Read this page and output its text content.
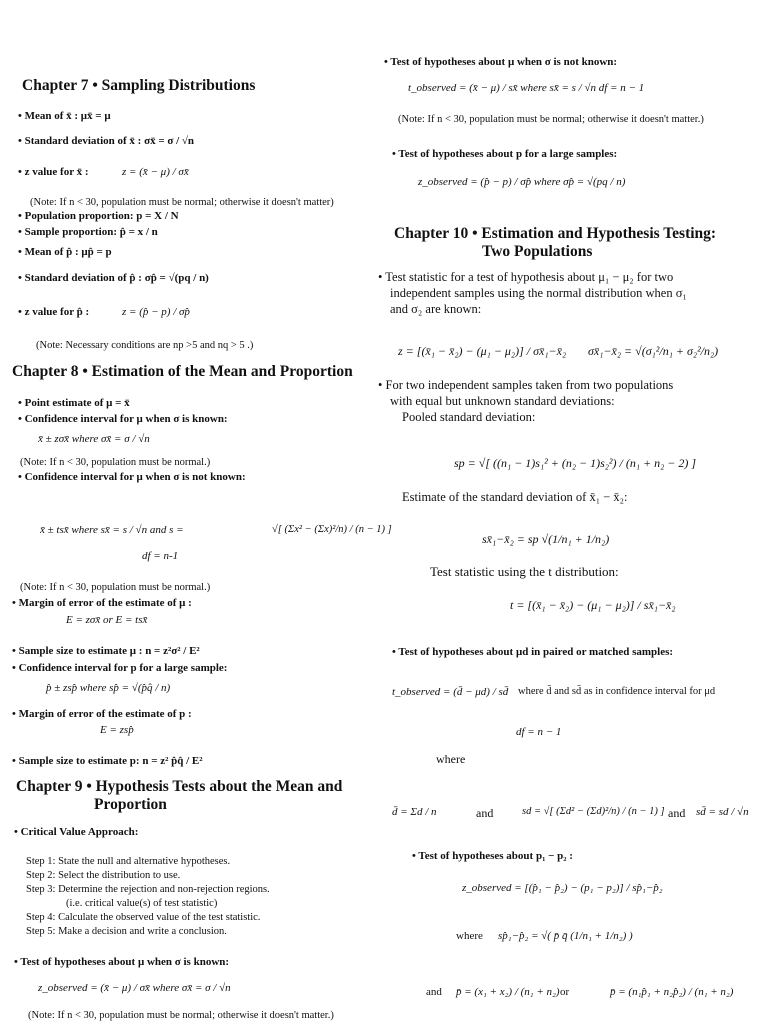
Chapter 7 • Sampling Distributions
• Mean of x̄ : μx̄ = μ
• Standard deviation of x̄ : σx̄ = σ / √n
• z value for x̄ :	z = (x̄ − μ) / σx̄
(Note: If n < 30, population must be normal; otherwise it doesn't matter)
• Population proportion: p = X / N
• Sample proportion: p̂ = x / n
• Mean of p̂ : μp̂ = p
• Standard deviation of p̂ : σp̂ = √(pq / n)
• z value for p̂ :	z = (p̂ − p) / σp̂
(Note: Necessary conditions are np >5 and nq > 5 .)
Chapter 8 • Estimation of the Mean and Proportion
• Point estimate of μ = x̄
• Confidence interval for μ when σ is known:
x̄ ± zσx̄ where σx̄ = σ / √n
(Note: If n < 30, population must be normal.)
• Confidence interval for μ when σ is not known:
x̄ ± tsx̄ where sx̄ = s / √n and s =	√[ (Σx² − (Σx)²/n) / (n − 1) ]
df = n-1
(Note: If n < 30, population must be normal.)
• Margin of error of the estimate of μ :
E = zσx̄ or E = tsx̄
• Sample size to estimate μ : n = z²σ² / E²
• Confidence interval for p for a large sample:
p̂ ± zsp̂ where sp̂ = √(p̂q̂ / n)
• Margin of error of the estimate of p :
E = zsp̂
• Sample size to estimate p: n = z² p̂q̂ / E²
Chapter 9 • Hypothesis Tests about the Mean and
Proportion
• Critical Value Approach:
Step 1: State the null and alternative hypotheses.
Step 2: Select the distribution to use.
Step 3: Determine the rejection and non-rejection regions.
(i.e. critical value(s) of test statistic)
Step 4: Calculate the observed value of the test statistic.
Step 5: Make a decision and write a conclusion.
• Test of hypotheses about μ when σ is known:
z_observed = (x̄ − μ) / σx̄ where σx̄ = σ / √n
(Note: If n < 30, population must be normal; otherwise it doesn't matter.)
• Test of hypotheses about μ when σ is not known:
t_observed = (x̄ − μ) / sx̄ where sx̄ = s / √n df = n − 1
(Note: If n < 30, population must be normal; otherwise it doesn't matter.)
• Test of hypotheses about p for a large samples:
z_observed = (p̂ − p) / σp̂ where σp̂ = √(pq / n)
Chapter 10 • Estimation and Hypothesis Testing:
Two Populations
• Test statistic for a test of hypothesis about μ₁ − μ₂ for two
independent samples using the normal distribution when σ₁
and σ₂ are known:
z = [(x̄₁ − x̄₂) − (μ₁ − μ₂)] / σx̄₁−x̄₂ σx̄₁−x̄₂ = √(σ₁²/n₁ + σ₂²/n₂)
• For two independent samples taken from two populations
with equal but unknown standard deviations:
Pooled standard deviation:
sp = √[ ((n₁ − 1)s₁² + (n₂ − 1)s₂²) / (n₁ + n₂ − 2) ]
Estimate of the standard deviation of x̄₁ − x̄₂:
sx̄₁−x̄₂ = sp √(1/n₁ + 1/n₂)
Test statistic using the t distribution:
t = [(x̄₁ − x̄₂) − (μ₁ − μ₂)] / sx̄₁−x̄₂
• Test of hypotheses about μd in paired or matched samples:
t_observed = (d̄ − μd) / sd̄ where d̄ and sd̄ as in confidence interval for μd
df = n − 1
where
d̄ = Σd / n	and	sd = √[ (Σd² − (Σd)²/n) / (n − 1) ] and sd̄ = sd / √n
• Test of hypotheses about p₁ − p₂ :
z_observed = [(p̂₁ − p̂₂) − (p₁ − p₂)] / sp̂₁−p̂₂
where sp̂₁−p̂₂ = √( p̄ q̄ (1/n₁ + 1/n₂) )
and p̄ = (x₁ + x₂) / (n₁ + n₂) or	p̄ = (n₁p̂₁ + n₂p̂₂) / (n₁ + n₂)
